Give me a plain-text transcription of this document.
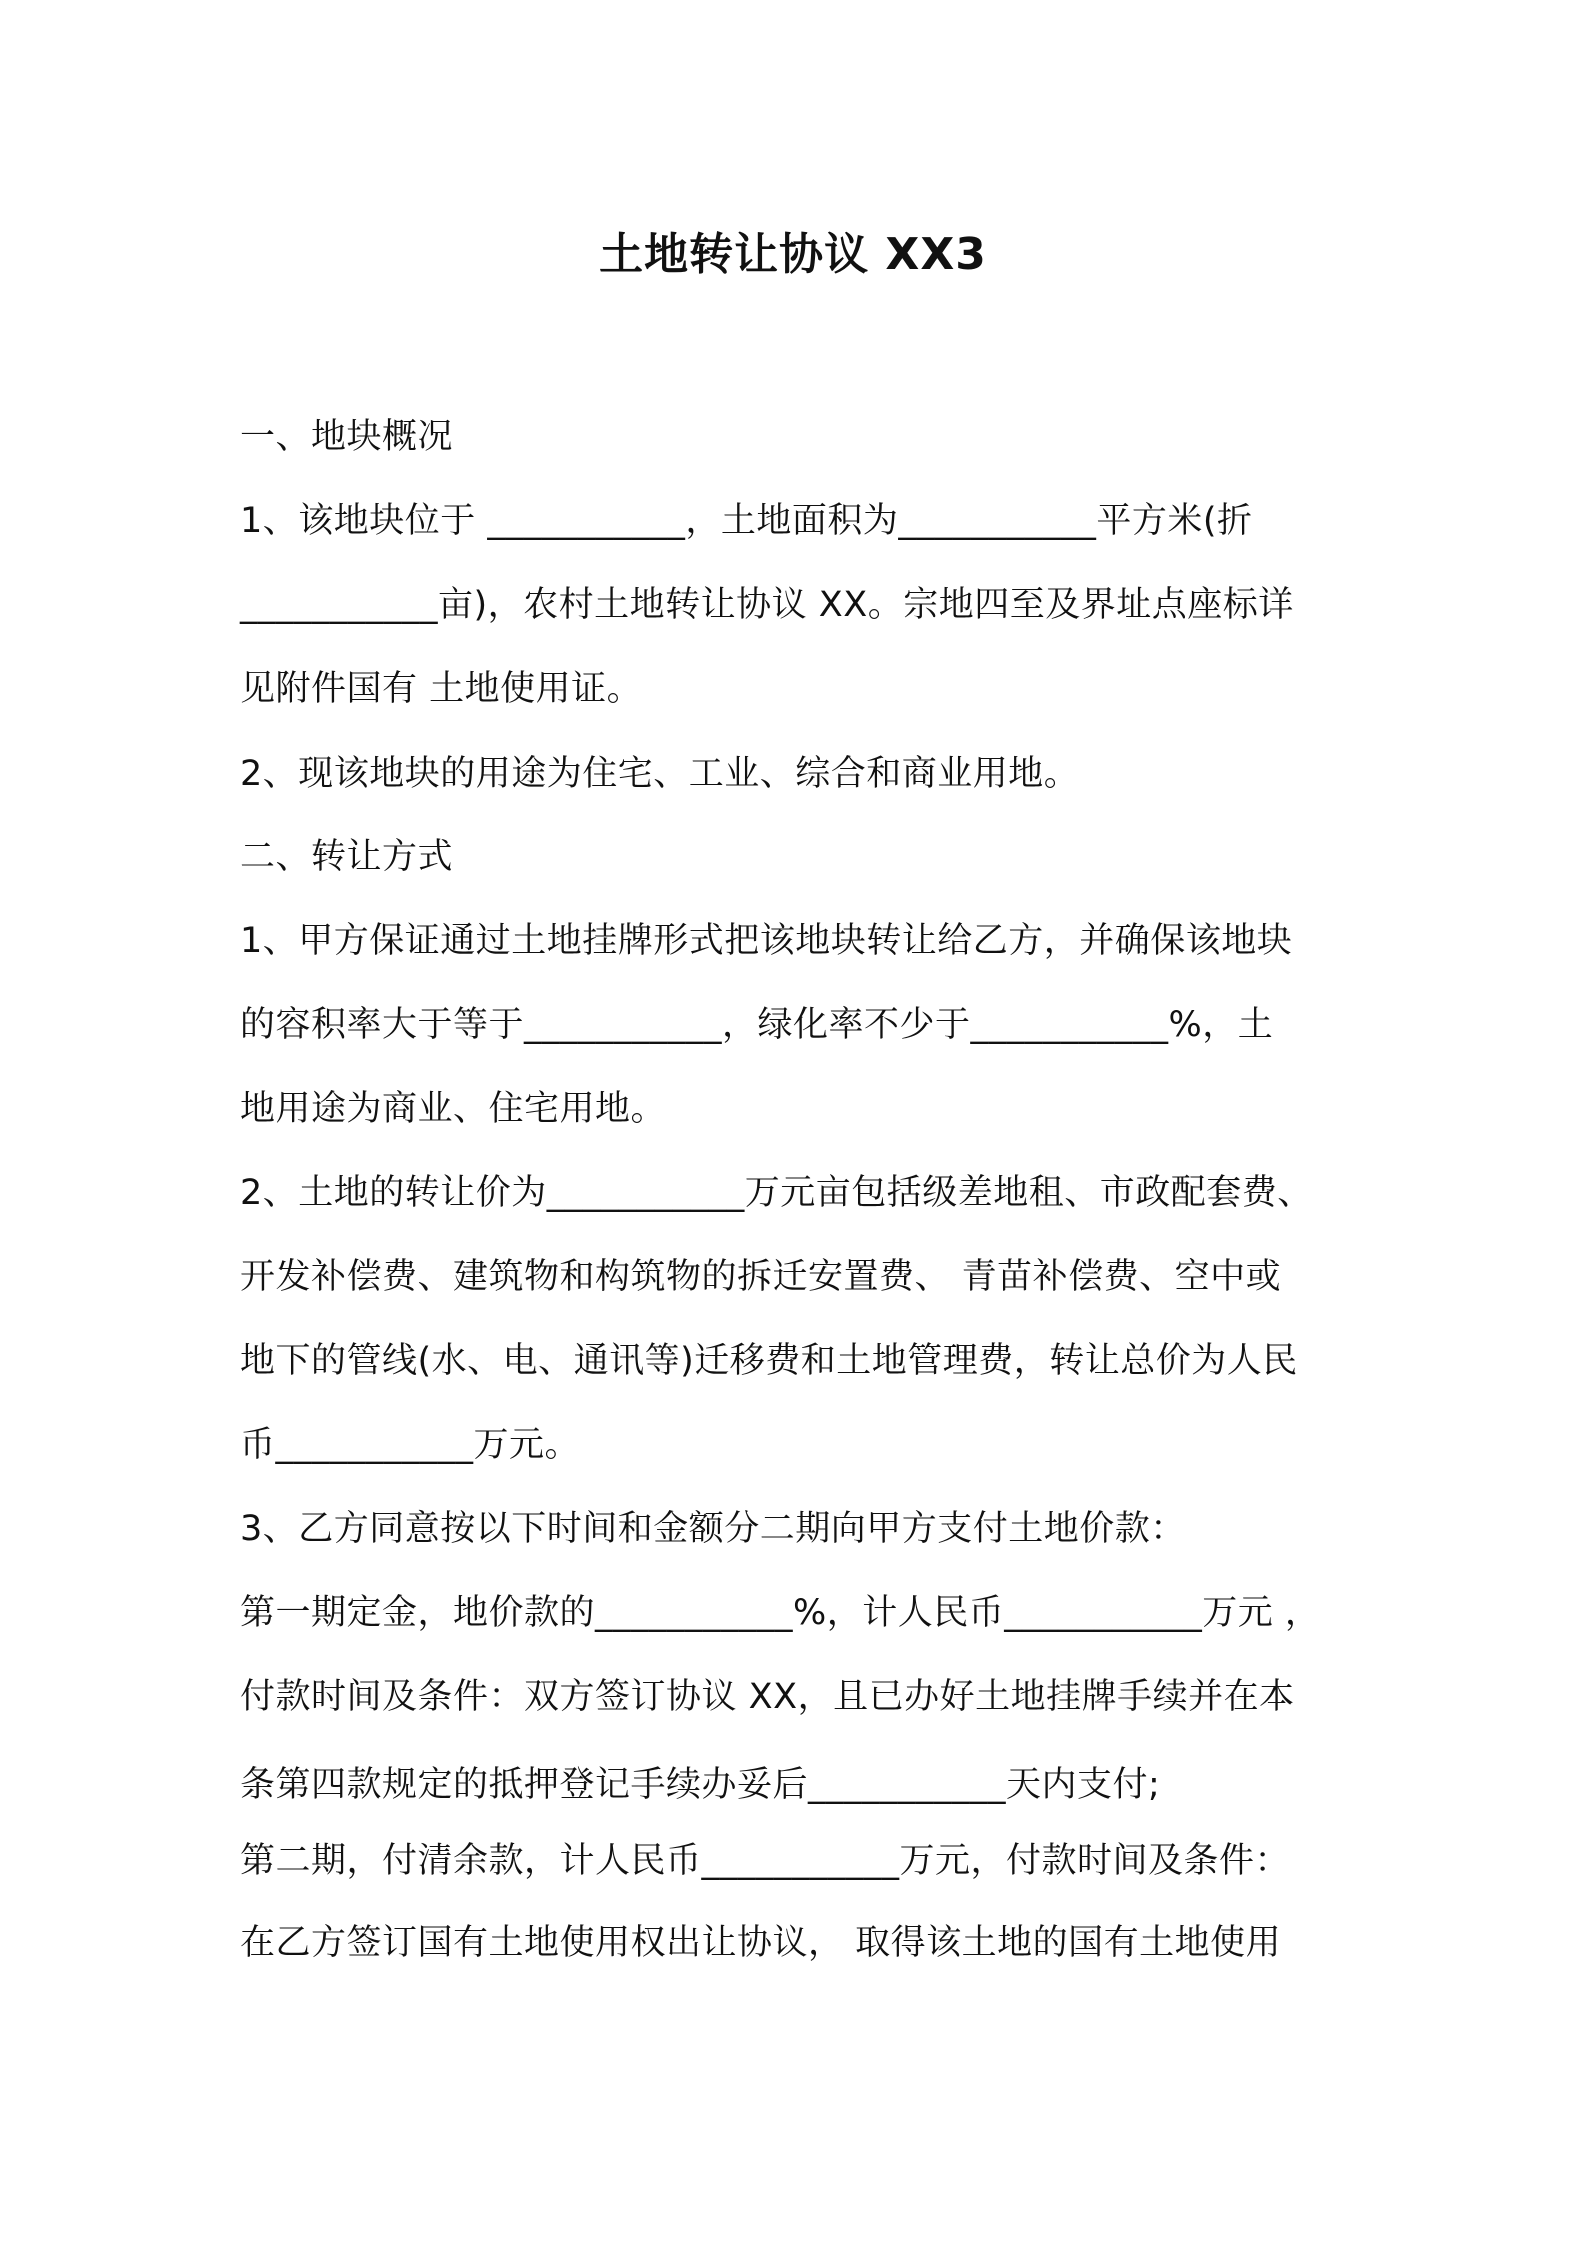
土地转让协议 XX3
一、地块概况
1、该地块位于 ___________，土地面积为___________平方米(折
___________亩)，农村土地转让协议 XX。宗地四至及界址点座标详
见附件国有 土地使用证。
2、现该地块的用途为住宅、工业、综合和商业用地。
二、转让方式
1、甲方保证通过土地挂牌形式把该地块转让给乙方，并确保该地块
的容积率大于等于___________，绿化率不少于___________%，土
地用途为商业、住宅用地。
2、土地的转让价为___________万元亩包括级差地租、市政配套费、
开发补偿费、建筑物和构筑物的拆迁安置费、 青苗补偿费、空中或
地下的管线(水、电、通讯等)迁移费和土地管理费，转让总价为人民
币___________万元。
3、乙方同意按以下时间和金额分二期向甲方支付土地价款：
第一期定金，地价款的___________%，计人民币___________万元 ，
付款时间及条件：双方签订协议 XX，且已办好土地挂牌手续并在本
条第四款规定的抵押登记手续办妥后___________天内支付;
第二期，付清余款，计人民币___________万元，付款时间及条件：
在乙方签订国有土地使用权出让协议， 取得该土地的国有土地使用
